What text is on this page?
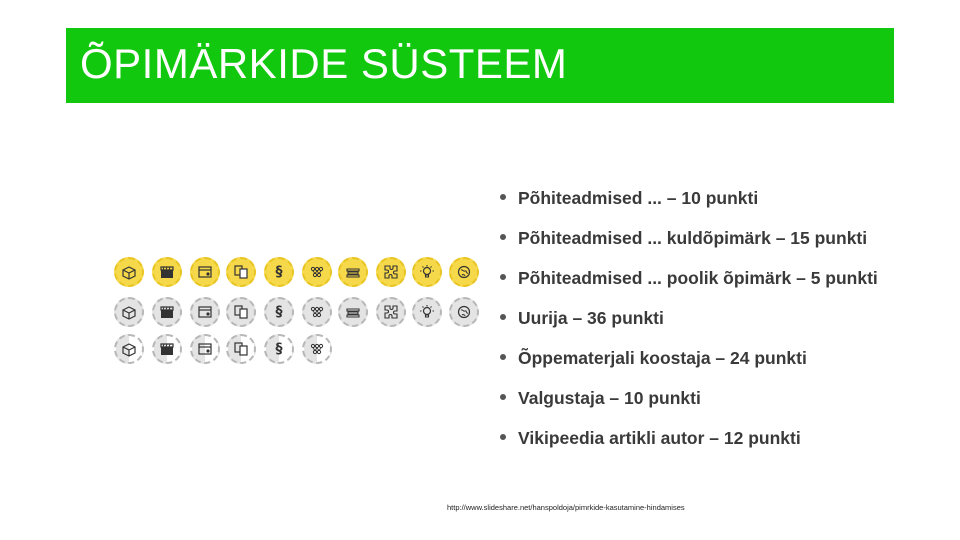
ÕPIMÄRKIDE SÜSTEEM
§
§
§
Põhiteadmised ... – 10 punkti
Põhiteadmised ... kuldõpimärk – 15 punkti
Põhiteadmised ... poolik õpimärk – 5 punkti
Uurija – 36 punkti
Õppematerjali koostaja – 24 punkti
Valgustaja – 10 punkti
Vikipeedia artikli autor – 12 punkti
http://www.slideshare.net/hanspoldoja/pimrkide-kasutamine-hindamises
